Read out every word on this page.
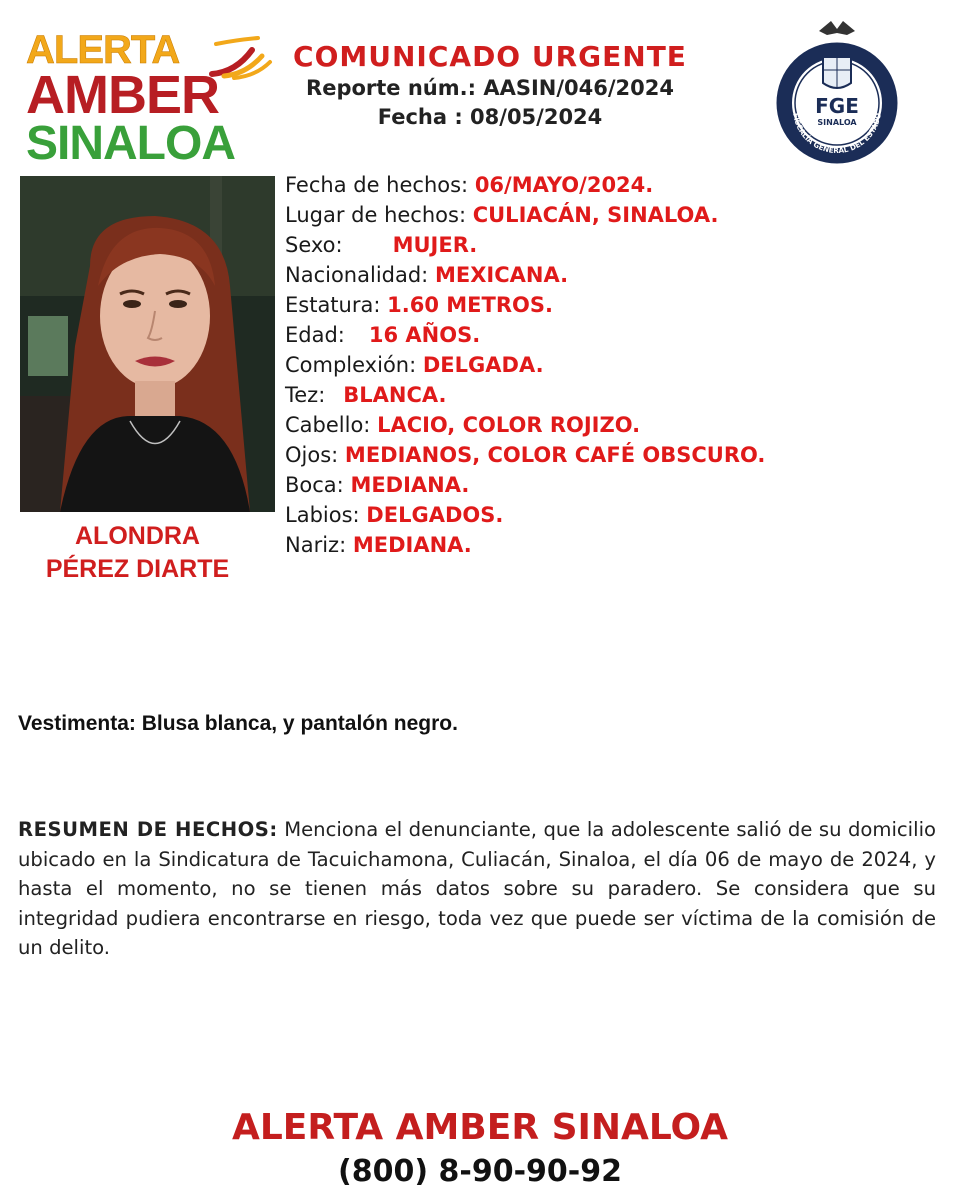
ALERTA
AMBER
SINALOA
COMUNICADO URGENTE
Reporte núm.: AASIN/046/2024
Fecha : 08/05/2024	FGE
SINALOA
FISCALÍA GENERAL DEL ESTADO
ALONDRA
PÉREZ DIARTE
Fecha de hechos: 06/MAYO/2024.
Lugar de hechos: CULIACÁN, SINALOA.
Sexo: MUJER.
Nacionalidad: MEXICANA.
Estatura: 1.60 METROS.
Edad: 16 AÑOS.
Complexión: DELGADA.
Tez: BLANCA.
Cabello: LACIO, COLOR ROJIZO.
Ojos: MEDIANOS, COLOR CAFÉ OBSCURO.
Boca: MEDIANA.
Labios: DELGADOS.
Nariz: MEDIANA.
Vestimenta: Blusa blanca, y pantalón negro.
RESUMEN DE HECHOS: Menciona el denunciante, que la adolescente salió de su domicilio ubicado en la Sindicatura de Tacuichamona, Culiacán, Sinaloa, el día 06 de mayo de 2024, y hasta el momento, no se tienen más datos sobre su paradero. Se considera que su integridad pudiera encontrarse en riesgo, toda vez que puede ser víctima de la comisión de un delito.
ALERTA AMBER SINALOA
(800) 8-90-90-92
